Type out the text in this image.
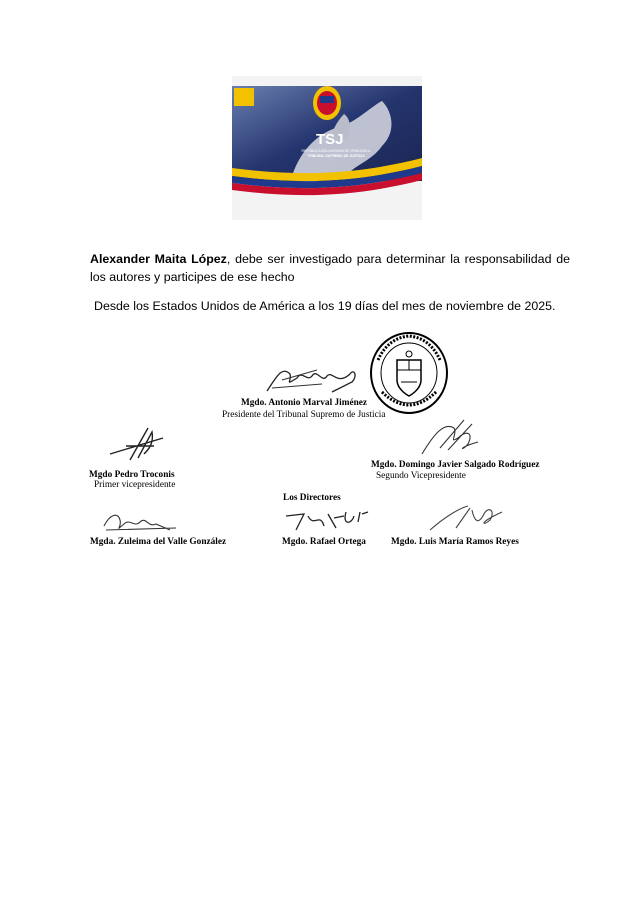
TSJ
REPÚBLICA BOLIVARIANA DE VENEZUELA
TRIBUNAL SUPREMO DE JUSTICIA
Alexander Maita López, debe ser investigado para determinar la responsabilidad de los autores y participes de ese hecho
Desde los Estados Unidos de América a los 19 días del mes de noviembre de 2025.
Mgdo. Antonio Marval Jiménez
Presidente del Tribunal Supremo de Justicia
Mgdo Pedro Troconis
Primer vicepresidente
Mgdo. Domingo Javier Salgado Rodríguez
Segundo Vicepresidente
Los Directores
Mgda. Zuleima del Valle González	Mgdo. Rafael Ortega	Mgdo. Luis María Ramos Reyes
